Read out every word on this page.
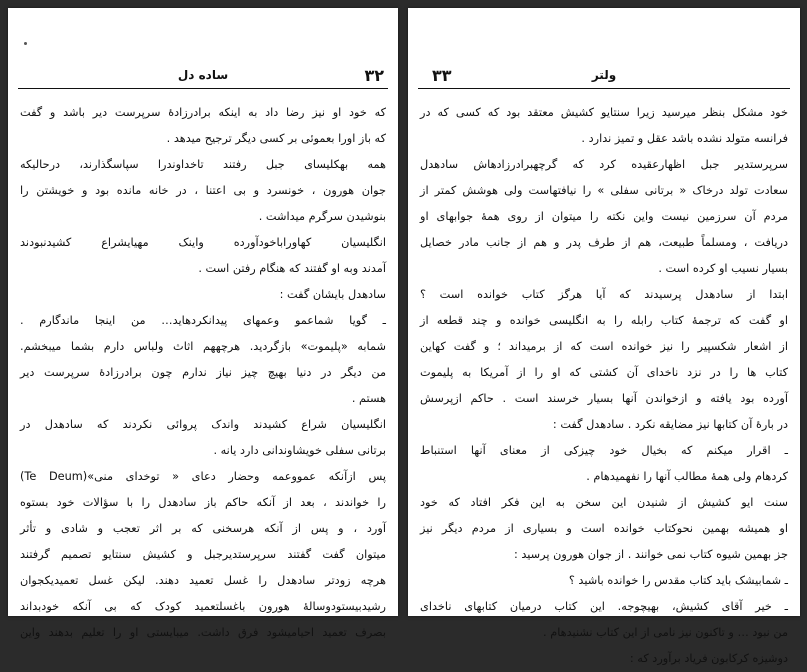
۳۲
ساده دل
که خود او نیز رضا داد به اینکه برادرزادهٔ سرپرست دیر باشد و گفت
که باز اورا بعموئی بر کسی دیگر ترجیح میدهد .
همه بهکلیسای جبل رفتند تاخداوندرا سپاسگذارند، درحالیکه
جوان هورون ، خونسرد و بی اعتنا ، در خانه مانده بود و خویشتن را
بنوشیدن سرگرم میداشت .
انگلیسیان کهاوراباخودآورده واینک مهیایشراع کشیدنبودند
آمدند وبه او گفتند که هنگام رفتن است .
سادهدل بایشان گفت :
ـ گویا شماعمو وعمهای پیدانکردهاید… من اینجا ماندگارم .
شمابه «پلیموت» بازگردید. هرچههم اثاث ولباس دارم بشما میبخشم.
من دیگر در دنیا بهیچ چیز نیاز ندارم چون برادرزادهٔ سرپرست دیر
هستم .
انگلیسیان شراع کشیدند واندک پروائی نکردند که سادهدل در
برتانی سفلی خویشاوندانی دارد یانه .
پس ازآنکه عمووعمه وحضار دعای « توخدای منی»(Te Deum)
را خواندند ، بعد از آنکه حاکم باز سادهدل را با سؤالات خود بستوه
آورد ، و پس از آنکه هرسخنی که بر اثر تعجب و شادی و تأثر
میتوان گفت گفتند سرپرستدیرجبل و کشیش سنتایو تصمیم گرفتند
هرچه زودتر سادهدل را غسل تعمید دهند. لیکن غسل تعمیدیکجوان
رشیدبیستودوسالهٔ هورون باغسلتعمید کودک که بی آنکه خودبداند
بصرف تعمید احیامیشود فرق داشت. میبایستی او را تعلیم بدهند واین
۳۳	ولتر
خود مشکل بنظر میرسید زیرا سنتایو کشیش معتقد بود که کسی که در
فرانسه متولد نشده باشد عقل و تمیز ندارد .
سرپرستدیر جبل اظهارعقیده کرد که گرچهبرادرزادهاش سادهدل
سعادت تولد درخاک « برتانی سفلی » را نیافتهاست ولی هوشش کمتر از
مردم آن سرزمین نیست واین نکته را میتوان از روی همهٔ جوابهای او
دریافت ، ومسلماً طبیعت، هم از طرف پدر و هم از جانب مادر خصایل
بسیار نسیب او کرده است .
ابتدا از سادهدل پرسیدند که آیا هرگز کتاب خوانده است ؟
او گفت که ترجمهٔ کتاب رابله را به انگلیسی خوانده و چند قطعه از
از اشعار شکسپیر را نیز خوانده است که از برمیداند ؛ و گفت کهاین
کتاب ها را در نزد ناخدای آن کشتی که او را از آمریکا به پلیموت
آورده بود یافته و ازخواندن آنها بسیار خرسند است . حاکم ازپرسش
در بارهٔ آن کتابها نیز مضایقه نکرد . سادهدل گفت :
ـ اقرار میکنم که بخیال خود چیزکی از معنای آنها استنباط
کردهام ولی همهٔ مطالب آنها را نفهمیدهام .
سنت ایو کشیش از شنیدن این سخن به این فکر افتاد که خود
او همیشه بهمین نحوکتاب خوانده است و بسیاری از مردم دیگر نیز
جز بهمین شیوه کتاب نمی خوانند . از جوان هورون پرسید :
ـ شمابیشک باید کتاب مقدس را خوانده باشید ؟
ـ خیر آقای کشیش، بهیچوجه. این کتاب درمیان کتابهای ناخدای
من نبود … و تاکنون نیز نامی از این کتاب نشنیدهام .
دوشیزه کرکابون فریاد برآورد که :
